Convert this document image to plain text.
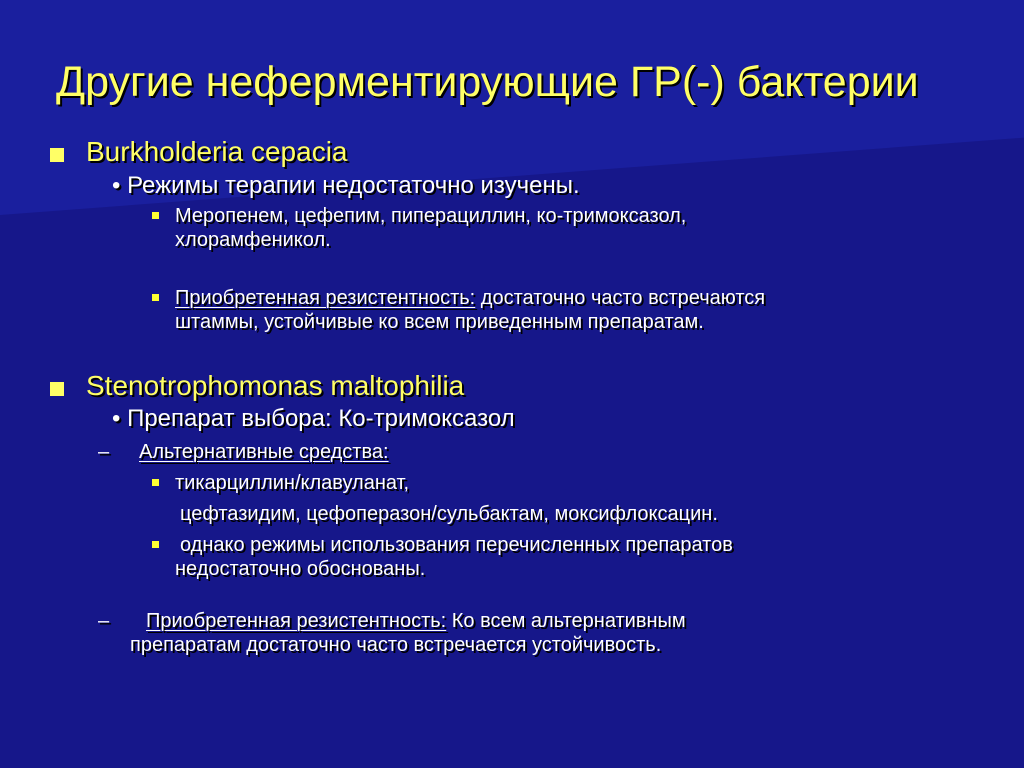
Другие неферментирующие ГР(-) бактерии
Burkholderia cepacia
• Режимы терапии недостаточно изучены.
Меропенем, цефепим, пиперациллин, ко-тримоксазол,
хлорамфеникол.
Приобретенная резистентность: достаточно часто встречаются
штаммы, устойчивые ко всем приведенным препаратам.
Stenotrophomonas maltophilia
• Препарат выбора: Ко-тримоксазол
– Альтернативные средства:
тикарциллин/клавуланат,
цефтазидим, цефоперазон/сульбактам, моксифлоксацин.
однако режимы использования перечисленных препаратов
недостаточно обоснованы.
– Приобретенная резистентность: Ко всем альтернативным
препаратам достаточно часто встречается устойчивость.
